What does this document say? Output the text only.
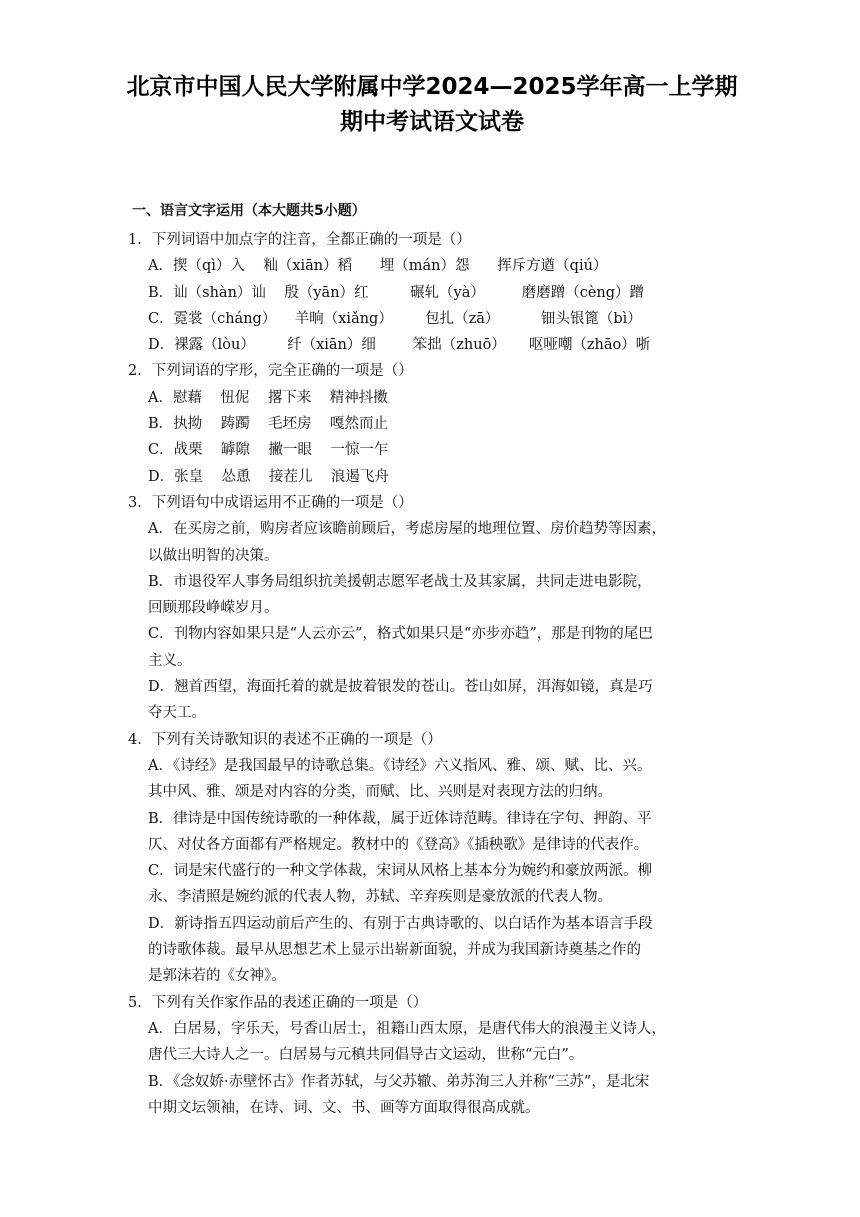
北京市中国人民大学附属中学2024—2025学年高一上学期
期中考试语文试卷
一、语言文字运用（本大题共5小题）
1．下列词语中加点字的注音，全都正确的一项是（）
A．揳（qì）入    籼（xiān）稻      埋（mán）怨      挥斥方遒（qiú）
B．讪（shàn）讪    殷（yān）红         碾轧（yà）        磨磨蹭（cèng）蹭
C．霓裳（cháng）    羊晌（xiǎng）       包扎（zā）         钿头银篦（bì）
D．裸露（lòu）       纤（xiān）细        笨拙（zhuō）     呕哑嘲（zhāo）哳
2．下列词语的字形，完全正确的一项是（）
A．慰藉    忸伲    撂下来    精神抖擞
B．执拗    踌躅    毛坯房    嘎然而止
C．战栗    罅隙    撇一眼    一惊一乍
D．张皇    怂恿    接茬儿    浪遏飞舟
3．下列语句中成语运用不正确的一项是（）
A．在买房之前，购房者应该瞻前顾后，考虑房屋的地理位置、房价趋势等因素，
以做出明智的决策。
B．市退役军人事务局组织抗美援朝志愿军老战士及其家属，共同走进电影院，
回顾那段峥嵘岁月。
C．刊物内容如果只是“人云亦云”，格式如果只是“亦步亦趋”，那是刊物的尾巴
主义。
D．翘首西望，海面托着的就是披着银发的苍山。苍山如屏，洱海如镜，真是巧
夺天工。
4．下列有关诗歌知识的表述不正确的一项是（）
A．《诗经》是我国最早的诗歌总集。《诗经》六义指风、雅、颂、赋、比、兴。
其中风、雅、颂是对内容的分类，而赋、比、兴则是对表现方法的归纳。
B．律诗是中国传统诗歌的一种体裁，属于近体诗范畴。律诗在字句、押韵、平
仄、对仗各方面都有严格规定。教材中的《登高》《插秧歌》是律诗的代表作。
C．词是宋代盛行的一种文学体裁，宋词从风格上基本分为婉约和豪放两派。柳
永、李清照是婉约派的代表人物，苏轼、辛弃疾则是豪放派的代表人物。
D．新诗指五四运动前后产生的、有别于古典诗歌的、以白话作为基本语言手段
的诗歌体裁。最早从思想艺术上显示出崭新面貌，并成为我国新诗奠基之作的
是郭沫若的《女神》。
5．下列有关作家作品的表述正确的一项是（）
A．白居易，字乐天，号香山居士，祖籍山西太原，是唐代伟大的浪漫主义诗人，
唐代三大诗人之一。白居易与元稹共同倡导古文运动，世称“元白”。
B．《念奴娇·赤壁怀古》作者苏轼，与父苏辙、弟苏洵三人并称“三苏”，是北宋
中期文坛领袖，在诗、词、文、书、画等方面取得很高成就。
